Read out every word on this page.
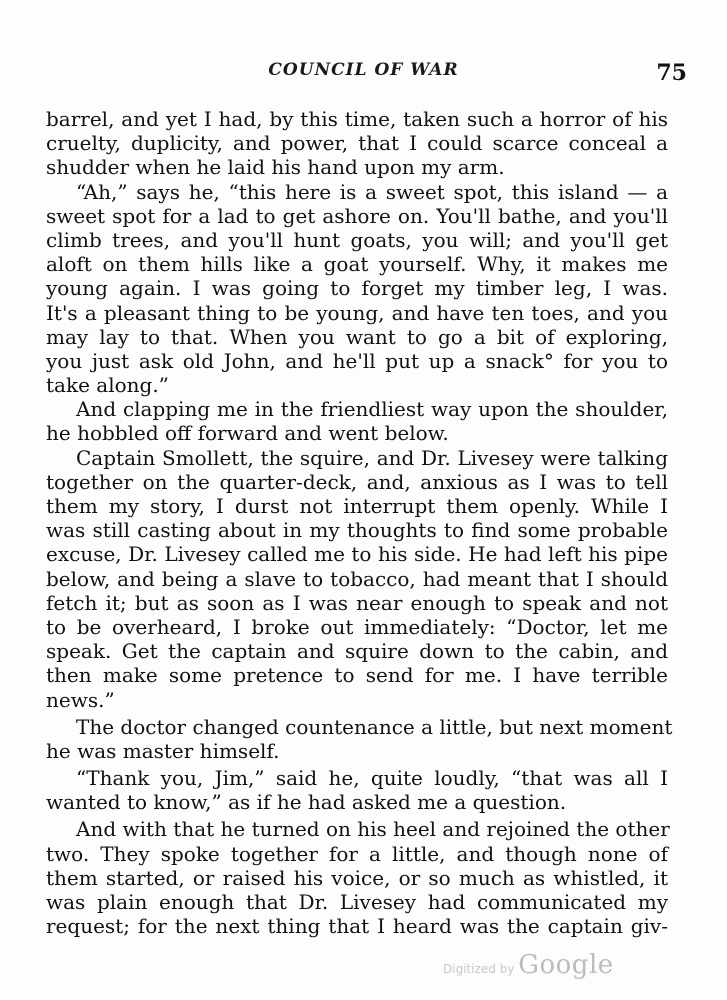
COUNCIL OF WAR	75
barrel, and yet I had, by this time, taken such a horror of his
cruelty, duplicity, and power, that I could scarce conceal a
shudder when he laid his hand upon my arm.
“Ah,” says he, “this here is a sweet spot, this island — a
sweet spot for a lad to get ashore on. You'll bathe, and you'll
climb trees, and you'll hunt goats, you will; and you'll get
aloft on them hills like a goat yourself. Why, it makes me
young again. I was going to forget my timber leg, I was.
It's a pleasant thing to be young, and have ten toes, and you
may lay to that. When you want to go a bit of exploring,
you just ask old John, and he'll put up a snack° for you to
take along.”
And clapping me in the friendliest way upon the shoulder,
he hobbled off forward and went below.
Captain Smollett, the squire, and Dr. Livesey were talking
together on the quarter-deck, and, anxious as I was to tell
them my story, I durst not interrupt them openly. While I
was still casting about in my thoughts to find some probable
excuse, Dr. Livesey called me to his side. He had left his pipe
below, and being a slave to tobacco, had meant that I should
fetch it; but as soon as I was near enough to speak and not
to be overheard, I broke out immediately: “Doctor, let me
speak. Get the captain and squire down to the cabin, and
then make some pretence to send for me. I have terrible
news.”
The doctor changed countenance a little, but next moment
he was master himself.
“Thank you, Jim,” said he, quite loudly, “that was all I
wanted to know,” as if he had asked me a question.
And with that he turned on his heel and rejoined the other
two. They spoke together for a little, and though none of
them started, or raised his voice, or so much as whistled, it
was plain enough that Dr. Livesey had communicated my
request; for the next thing that I heard was the captain giv-
Digitized by Google
